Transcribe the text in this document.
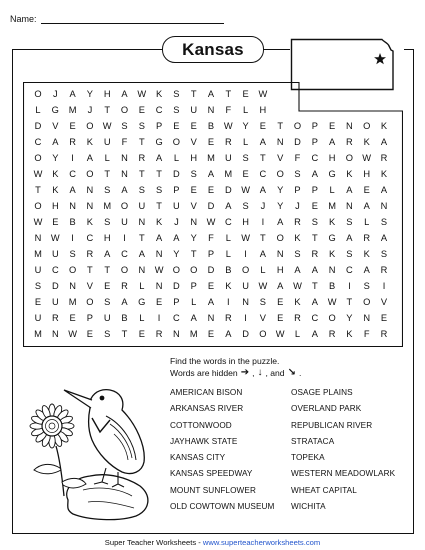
Name:
Kansas
O J A Y H A W K S T A T E W
L G M J T O E C S U N F L H
D V E O W S S P E E B W Y E T O P E N O K
C A R K U F T G O V E R L A N D P A R K A
O Y I A L N R A L H M U S T V F C H O W R
W K C O T N T T D S A M E C O S A G K H K
T K A N S A S S P E E D W A Y P P L A E A
O H N N M O U T U V D A S J Y J E M N A N
W E B K S U N K J N W C H I A R S K S L S
N W I C H I T A A Y F L W T O K T G A R A
M U S R A C A N Y T P L I A N S R K S K S
U C O T T O N W O O D B O L H A A N C A R
S D N V E R L N D P E K U W A W T B I S I
E U M O S A G E P L A I N S E K A W T O V
U R E P U B L I C A N R I V E R C O Y N E
M N W E S T E R N M E A D O W L A R K F R
Find the words in the puzzle.
Words are hidden ➔ , ↓ , and ↘ .
AMERICAN BISON
ARKANSAS RIVER
COTTONWOOD
JAYHAWK STATE
KANSAS CITY
KANSAS SPEEDWAY
MOUNT SUNFLOWER
OLD COWTOWN MUSEUM
OSAGE PLAINS
OVERLAND PARK
REPUBLICAN RIVER
STRATACA
TOPEKA
WESTERN MEADOWLARK
WHEAT CAPITAL
WICHITA
Super Teacher Worksheets - www.superteacherworksheets.com
